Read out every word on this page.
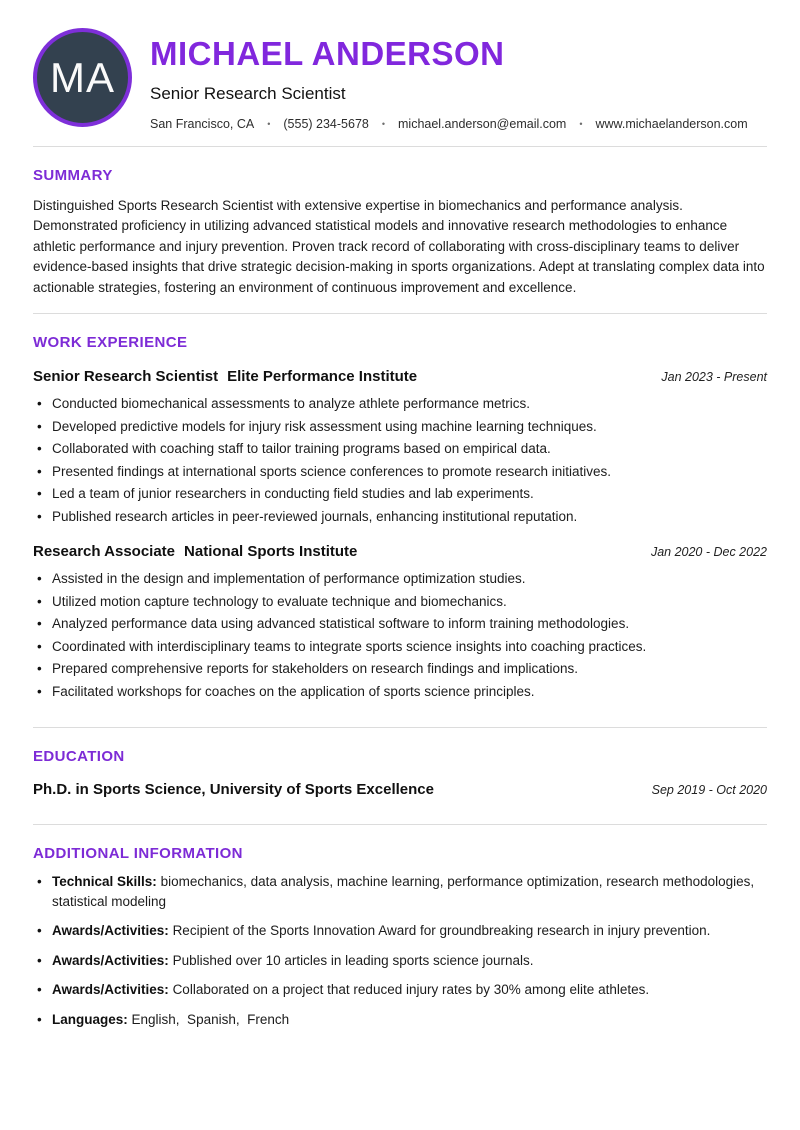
MA MICHAEL ANDERSON
Senior Research Scientist
San Francisco, CA • (555) 234-5678 • michael.anderson@email.com • www.michaelanderson.com
SUMMARY

Distinguished Sports Research Scientist with extensive expertise in biomechanics and performance analysis. Demonstrated proficiency in utilizing advanced statistical models and innovative research methodologies to enhance athletic performance and injury prevention. Proven track record of collaborating with cross-disciplinary teams to deliver evidence-based insights that drive strategic decision-making in sports organizations. Adept at translating complex data into actionable strategies, fostering an environment of continuous improvement and excellence.

WORK EXPERIENCE
Senior Research Scientist Elite Performance Institute	Jan 2023 - Present
• Conducted biomechanical assessments to analyze athlete performance metrics.
• Developed predictive models for injury risk assessment using machine learning techniques.
• Collaborated with coaching staff to tailor training programs based on empirical data.
• Presented findings at international sports science conferences to promote research initiatives.
• Led a team of junior researchers in conducting field studies and lab experiments.
• Published research articles in peer-reviewed journals, enhancing institutional reputation.
Research Associate National Sports Institute	Jan 2020 - Dec 2022
• Assisted in the design and implementation of performance optimization studies.
• Utilized motion capture technology to evaluate technique and biomechanics.
• Analyzed performance data using advanced statistical software to inform training methodologies.
• Coordinated with interdisciplinary teams to integrate sports science insights into coaching practices.
• Prepared comprehensive reports for stakeholders on research findings and implications.
• Facilitated workshops for coaches on the application of sports science principles.
EDUCATION
Ph.D. in Sports Science, University of Sports Excellence	Sep 2019 - Oct 2020
ADDITIONAL INFORMATION
• Technical Skills: biomechanics, data analysis, machine learning, performance optimization, research methodologies, statistical modeling
• Awards/Activities: Recipient of the Sports Innovation Award for groundbreaking research in injury prevention.
• Awards/Activities: Published over 10 articles in leading sports science journals.
• Awards/Activities: Collaborated on a project that reduced injury rates by 30% among elite athletes.
• Languages: English,  Spanish,  French
